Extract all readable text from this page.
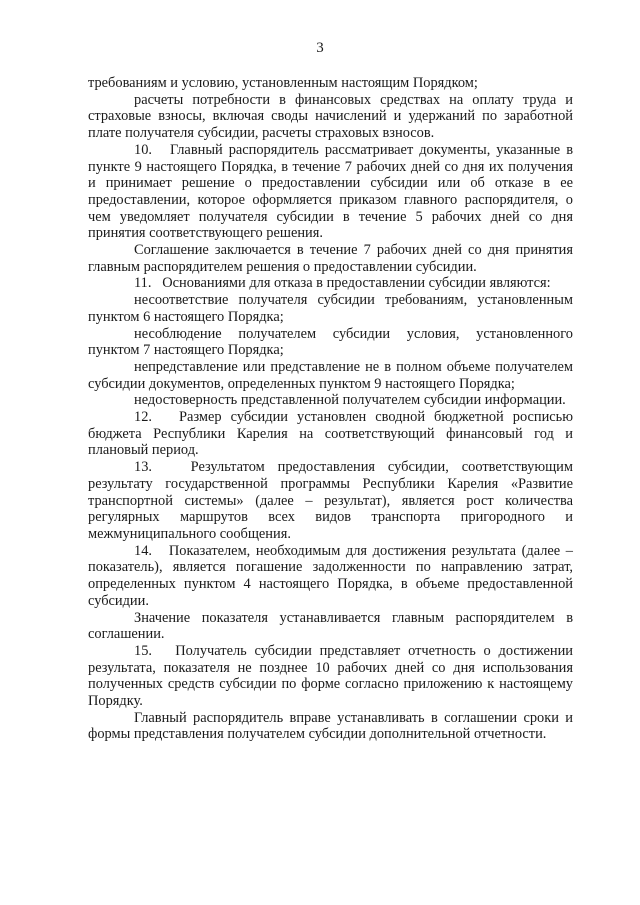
3

требованиям и условию, установленным настоящим Порядком;

расчеты потребности в финансовых средствах на оплату труда и страховые взносы, включая своды начислений и удержаний по заработной плате получателя субсидии, расчеты страховых взносов.

10.   Главный распорядитель рассматривает документы, указанные в пункте 9 настоящего Порядка, в течение 7 рабочих дней со дня их получения и принимает решение о предоставлении субсидии или об отказе в ее предоставлении, которое оформляется приказом главного распорядителя, о чем уведомляет получателя субсидии в течение 5 рабочих дней со дня принятия соответствующего решения.

Соглашение заключается в течение 7 рабочих дней со дня принятия главным распорядителем решения о предоставлении субсидии.

11.   Основаниями для отказа в предоставлении субсидии являются:

несоответствие получателя субсидии требованиям, установленным пунктом 6 настоящего Порядка;

несоблюдение получателем субсидии условия, установленного пунктом 7 настоящего Порядка;

непредставление или представление не в полном объеме получателем субсидии документов, определенных пунктом 9 настоящего Порядка;

недостоверность представленной получателем субсидии информации.

12.   Размер субсидии установлен сводной бюджетной росписью бюджета Республики Карелия на соответствующий финансовый год и плановый период.

13.   Результатом предоставления субсидии, соответствующим результату государственной программы Республики Карелия «Развитие транспортной системы» (далее – результат), является рост количества регулярных маршрутов всех видов транспорта пригородного и межмуниципального сообщения.

14.   Показателем, необходимым для достижения результата (далее – показатель), является погашение задолженности по направлению затрат, определенных пунктом 4 настоящего Порядка, в объеме предоставленной субсидии.

Значение показателя устанавливается главным распорядителем в соглашении.

15.   Получатель субсидии представляет отчетность о достижении результата, показателя не позднее 10 рабочих дней со дня использования полученных средств субсидии по форме согласно приложению к настоящему Порядку.

Главный распорядитель вправе устанавливать в соглашении сроки и формы представления получателем субсидии дополнительной отчетности.
